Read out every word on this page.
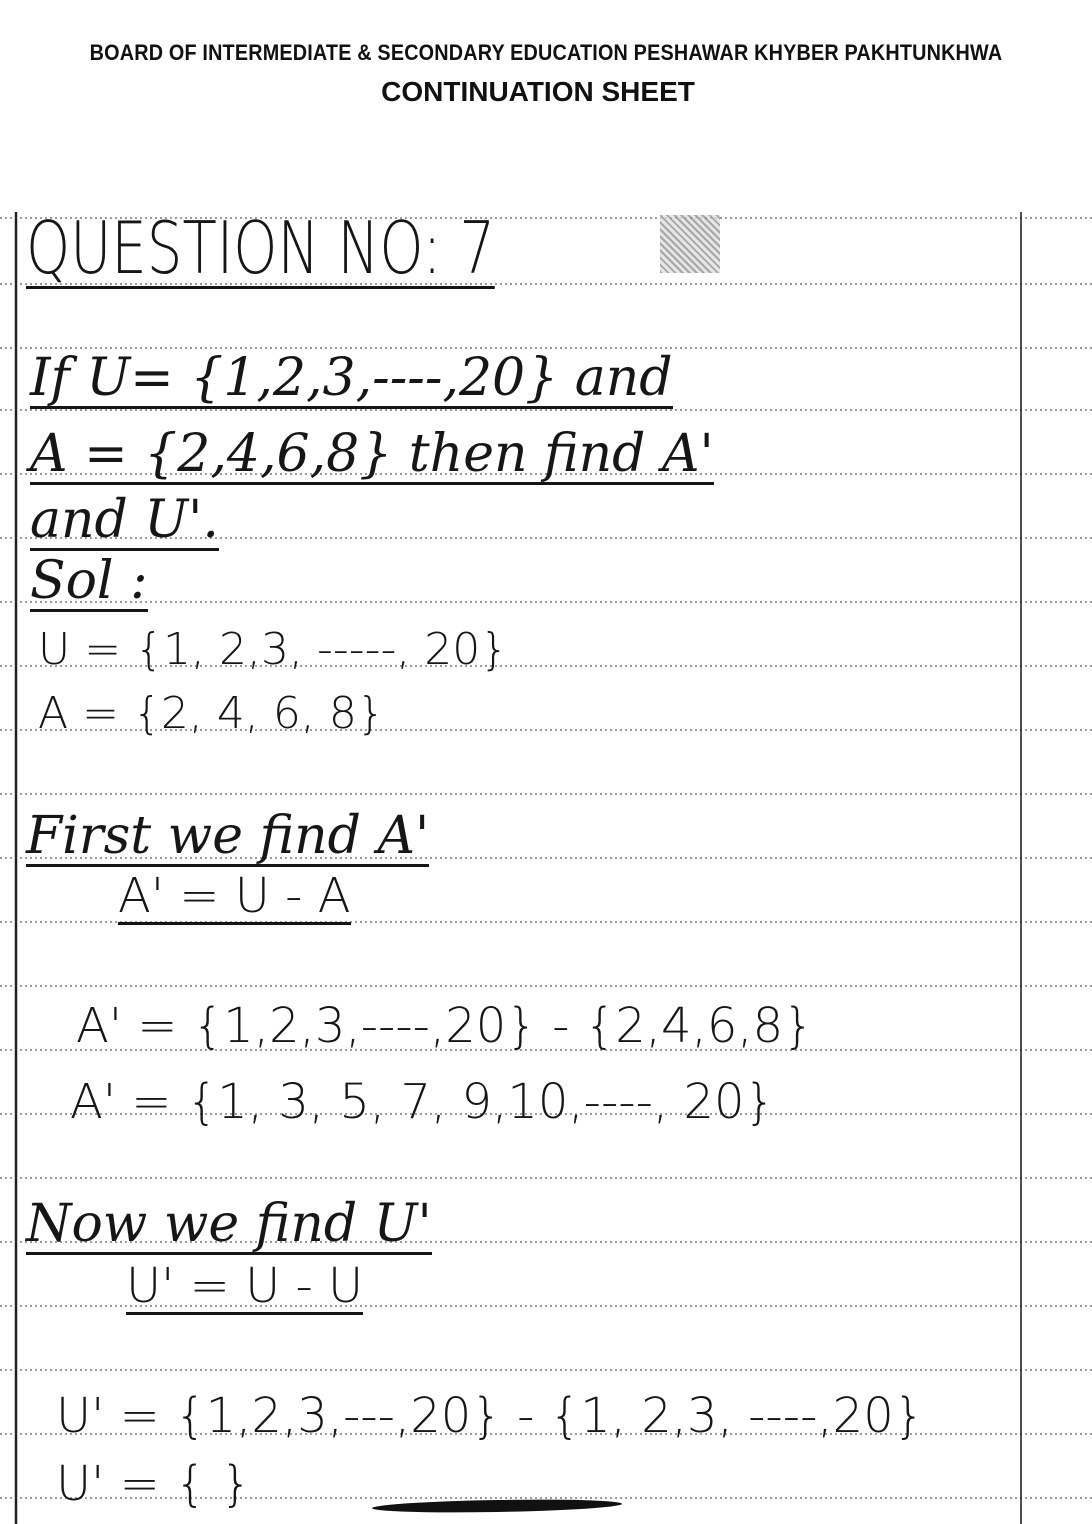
BOARD OF INTERMEDIATE & SECONDARY EDUCATION PESHAWAR KHYBER PAKHTUNKHWA
CONTINUATION SHEET
QUESTION NO: 7
If U= {1,2,3,----,20} and
A = {2,4,6,8} then find A'
and U'.
Sol :
U = {1, 2,3, -----, 20}
A = {2, 4, 6, 8}
First we find A'
A' = U - A
A' = {1,2,3,----,20} - {2,4,6,8}
A' = {1, 3, 5, 7, 9,10,----, 20}
Now we find U'
U' = U - U
U' = {1,2,3,---,20} - {1, 2,3, ----,20}
U' = { }
